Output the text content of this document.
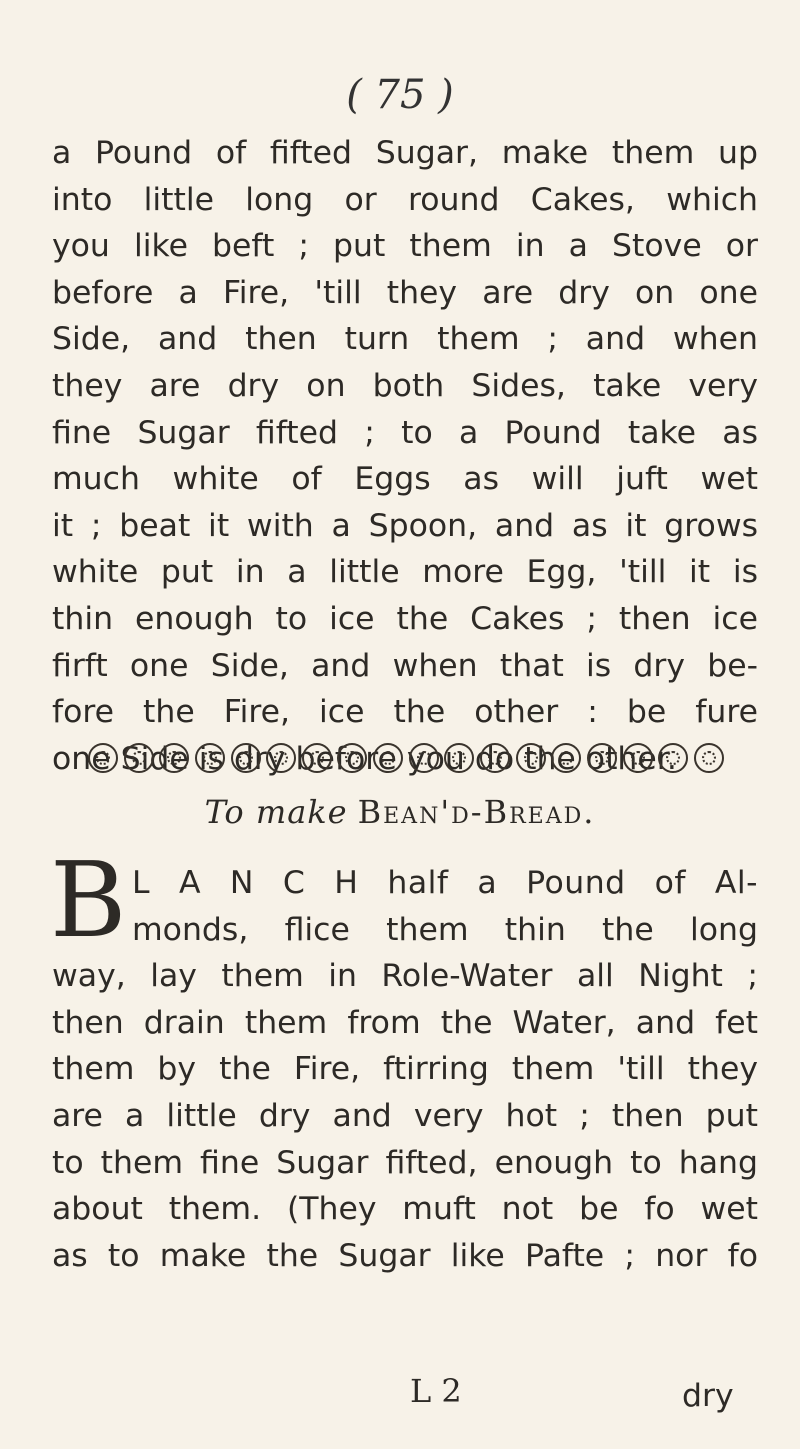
( 75 )
a Pound of fifted Sugar, make them up
into little long or round Cakes, which
you like beft ; put them in a Stove or
before a Fire, 'till they are dry on one
Side, and then turn them ; and when
they are dry on both Sides, take very
fine Sugar fifted ; to a Pound take as
much white of Eggs as will juft wet
it ; beat it with a Spoon, and as it grows
white put in a little more Egg, 'till it is
thin enough to ice the Cakes ; then ice
firft one Side, and when that is dry be-
fore the Fire, ice the other : be fure
one Side is dry before you do the other.
To make Bean'd-Bread.
B L A N C H half a Pound of Al-
monds, flice them thin the long
way, lay them in Role-Water all Night ;
then drain them from the Water, and fet
them by the Fire, ftirring them 'till they
are a little dry and very hot ; then put
to them fine Sugar fifted, enough to hang
about them. (They muft not be fo wet
as to make the Sugar like Pafte ; nor fo
L 2	dry
